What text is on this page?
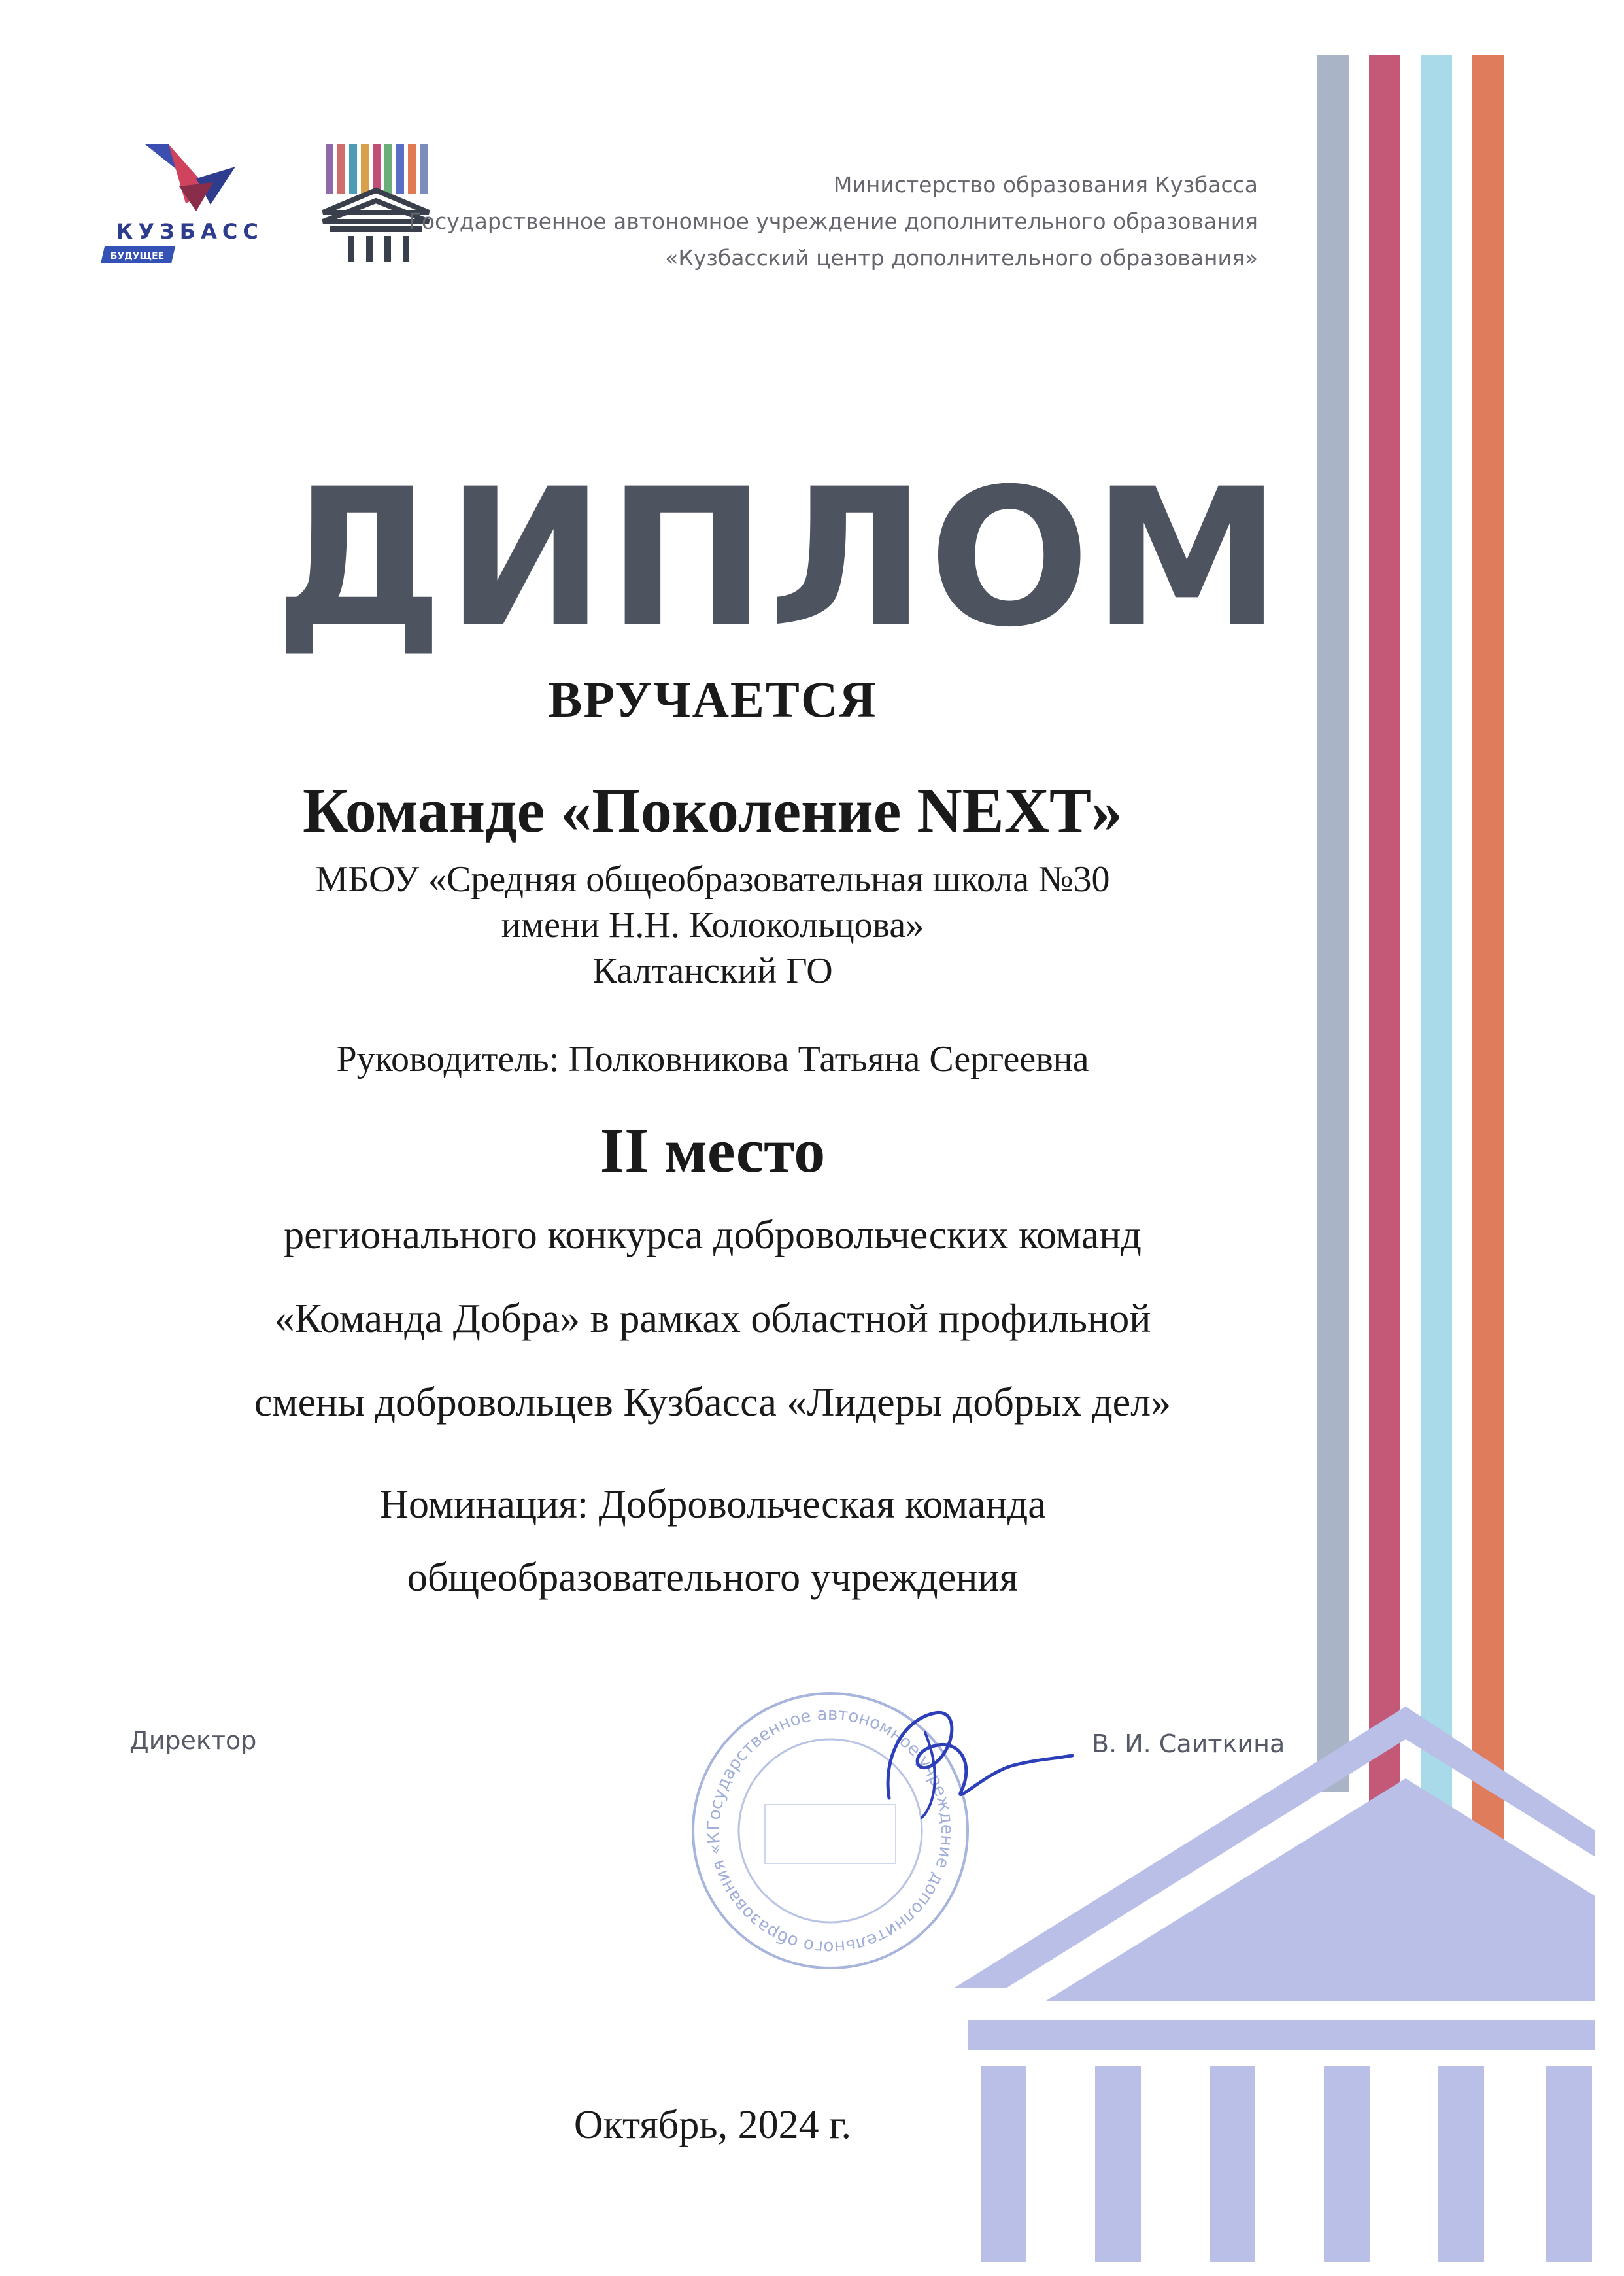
КУЗБАСС
БУДУЩЕЕ
Министерство образования Кузбасса
Государственное автономное учреждение дополнительного образования
«Кузбасский центр дополнительного образования»
ДИПЛОМ
ВРУЧАЕТСЯ
Команде «Поколение NEXT»
МБОУ «Средняя общеобразовательная школа №30
имени Н.Н. Колокольцова»
Калтанский ГО
Руководитель: Полковникова Татьяна Сергеевна
II место
регионального конкурса добровольческих команд
«Команда Добра» в рамках областной профильной
смены добровольцев Кузбасса «Лидеры добрых дел»
Номинация: Добровольческая команда
общеобразовательного учреждения
Директор
Государственное автономное учреждение дополнительного образования «К
В. И. Саиткина
Октябрь, 2024 г.
